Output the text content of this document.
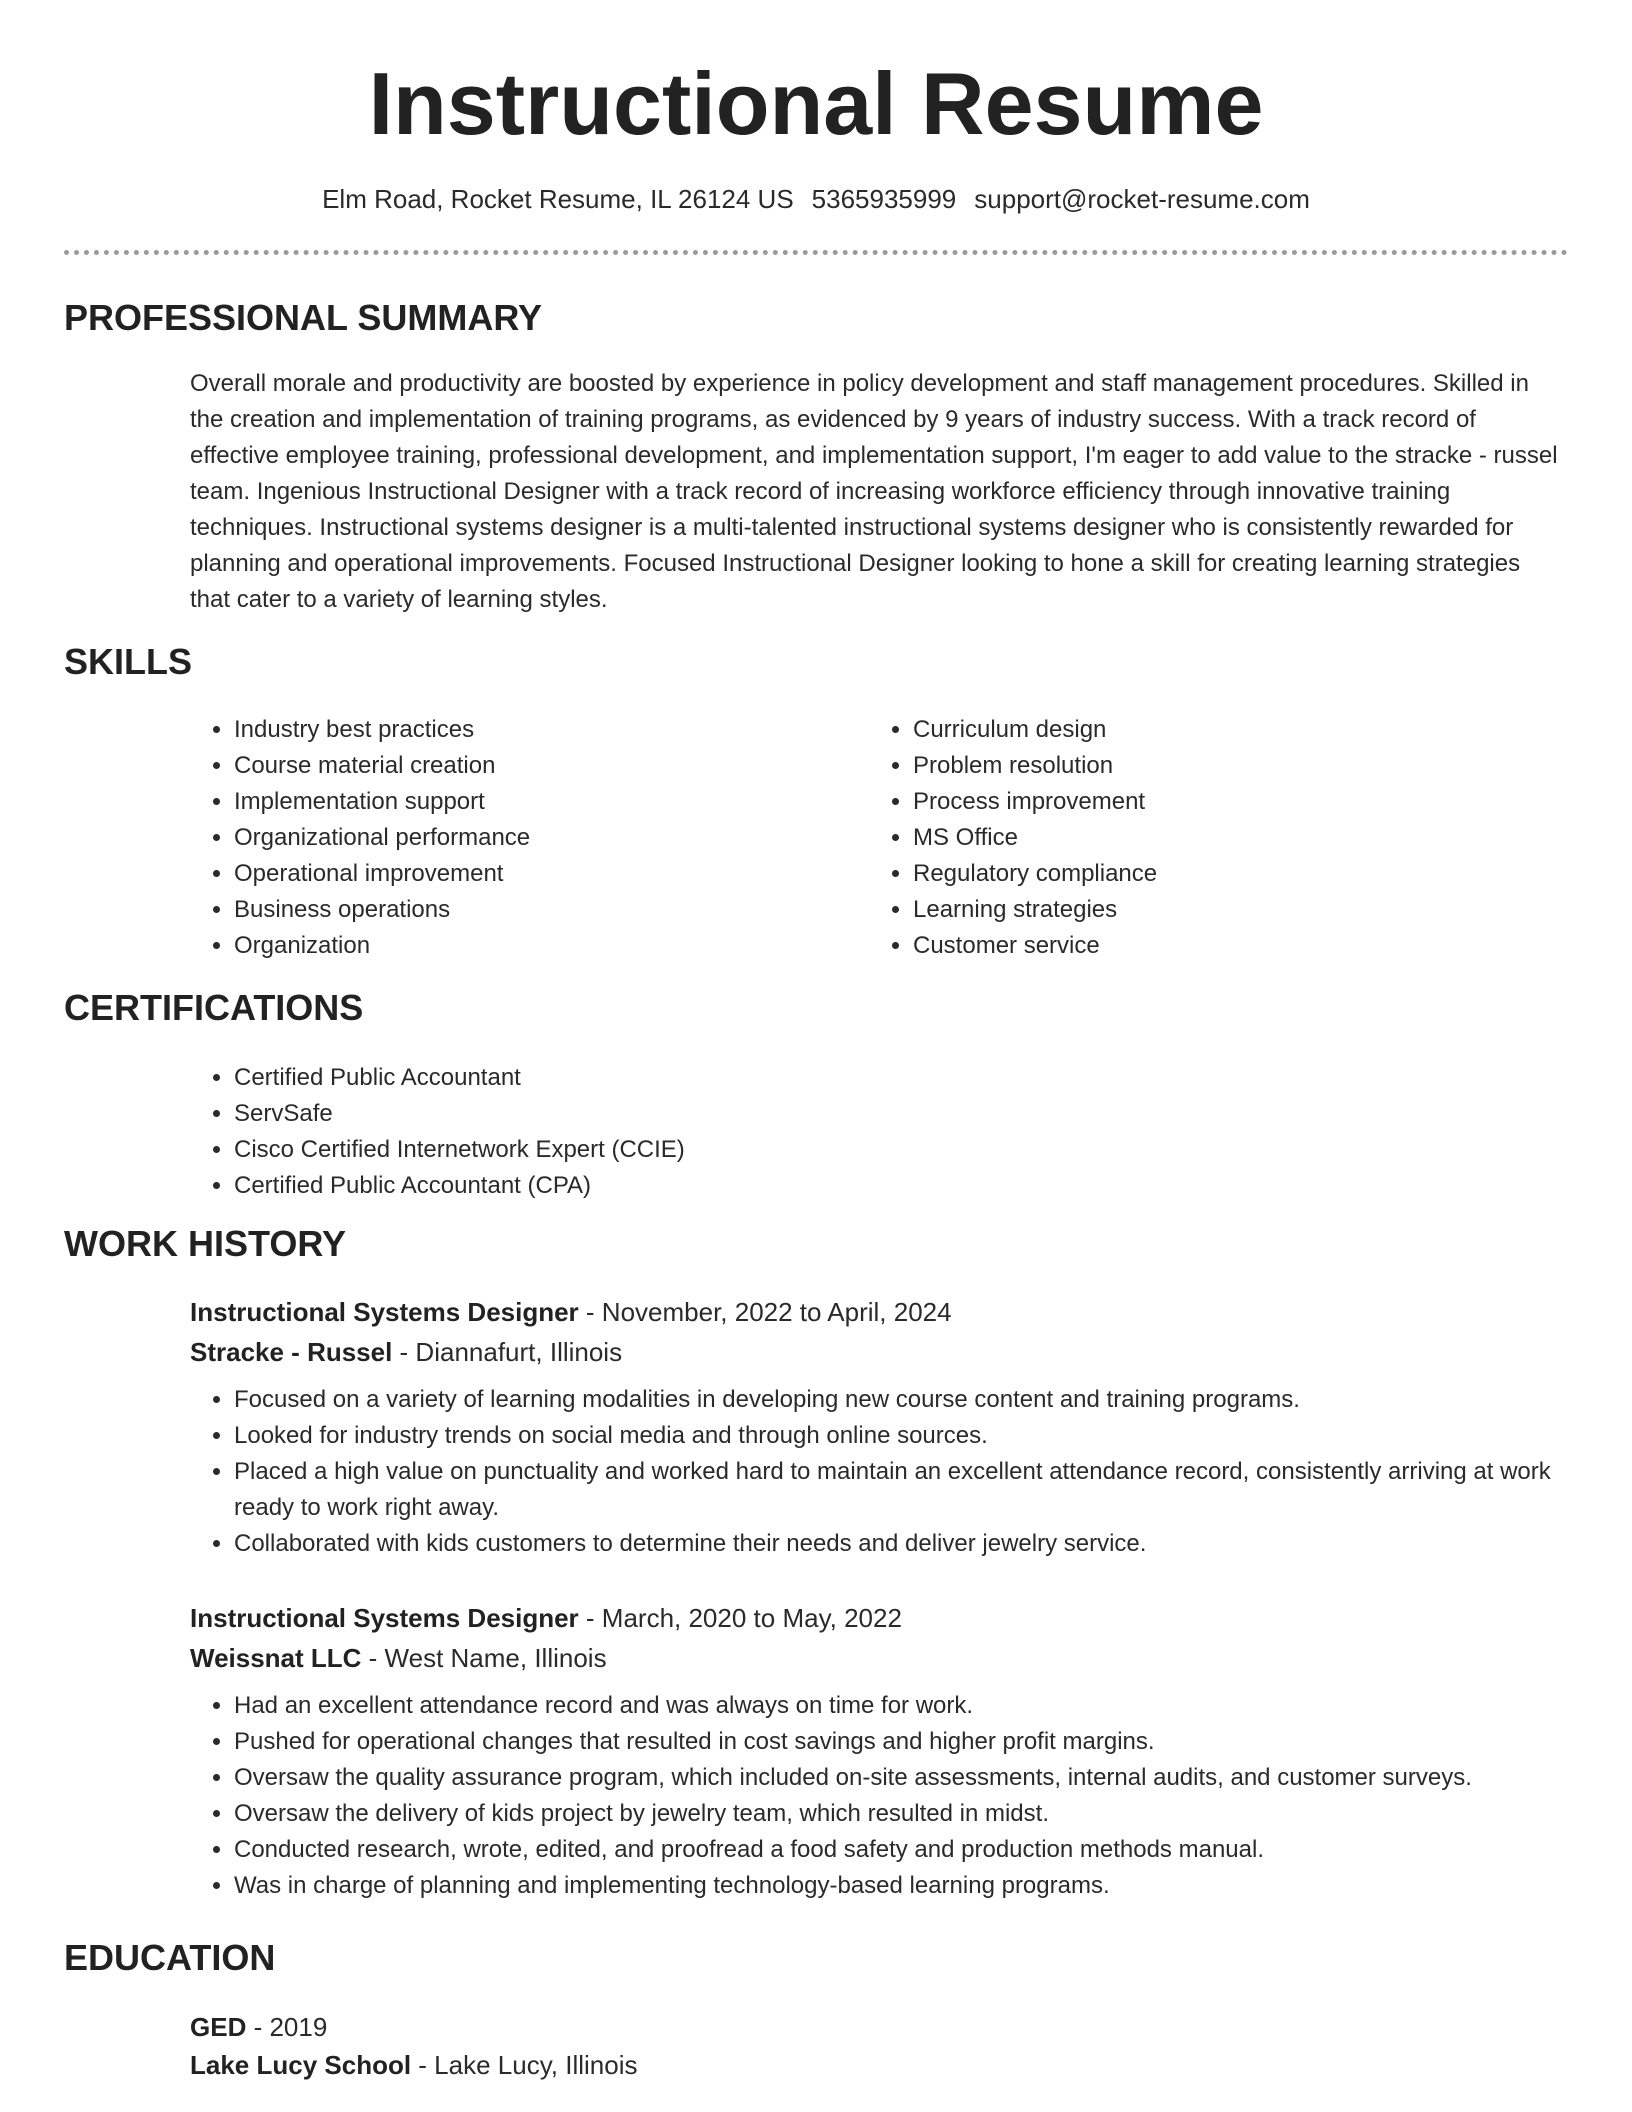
Instructional Resume
Elm Road, Rocket Resume, IL 26124 US 5365935999 support@rocket-resume.com
PROFESSIONAL SUMMARY

Overall morale and productivity are boosted by experience in policy development and staff management procedures. Skilled in the creation and implementation of training programs, as evidenced by 9 years of industry success. With a track record of effective employee training, professional development, and implementation support, I'm eager to add value to the stracke - russel team. Ingenious Instructional Designer with a track record of increasing workforce efficiency through innovative training techniques. Instructional systems designer is a multi-talented instructional systems designer who is consistently rewarded for planning and operational improvements. Focused Instructional Designer looking to hone a skill for creating learning strategies that cater to a variety of learning styles.

SKILLS
• Industry best practices
• Course material creation
• Implementation support
• Organizational performance
• Operational improvement
• Business operations
• Organization
• Curriculum design
• Problem resolution
• Process improvement
• MS Office
• Regulatory compliance
• Learning strategies
• Customer service
CERTIFICATIONS
• Certified Public Accountant
• ServSafe
• Cisco Certified Internetwork Expert (CCIE)
• Certified Public Accountant (CPA)
WORK HISTORY

Instructional Systems Designer - November, 2022 to April, 2024

Stracke - Russel - Diannafurt, Illinois

• Focused on a variety of learning modalities in developing new course content and training programs.
• Looked for industry trends on social media and through online sources.
• Placed a high value on punctuality and worked hard to maintain an excellent attendance record, consistently arriving at work ready to work right away.
• Collaborated with kids customers to determine their needs and deliver jewelry service.

Instructional Systems Designer - March, 2020 to May, 2022

Weissnat LLC - West Name, Illinois

• Had an excellent attendance record and was always on time for work.
• Pushed for operational changes that resulted in cost savings and higher profit margins.
• Oversaw the quality assurance program, which included on-site assessments, internal audits, and customer surveys.
• Oversaw the delivery of kids project by jewelry team, which resulted in midst.
• Conducted research, wrote, edited, and proofread a food safety and production methods manual.
• Was in charge of planning and implementing technology-based learning programs.
EDUCATION

GED - 2019

Lake Lucy School - Lake Lucy, Illinois
